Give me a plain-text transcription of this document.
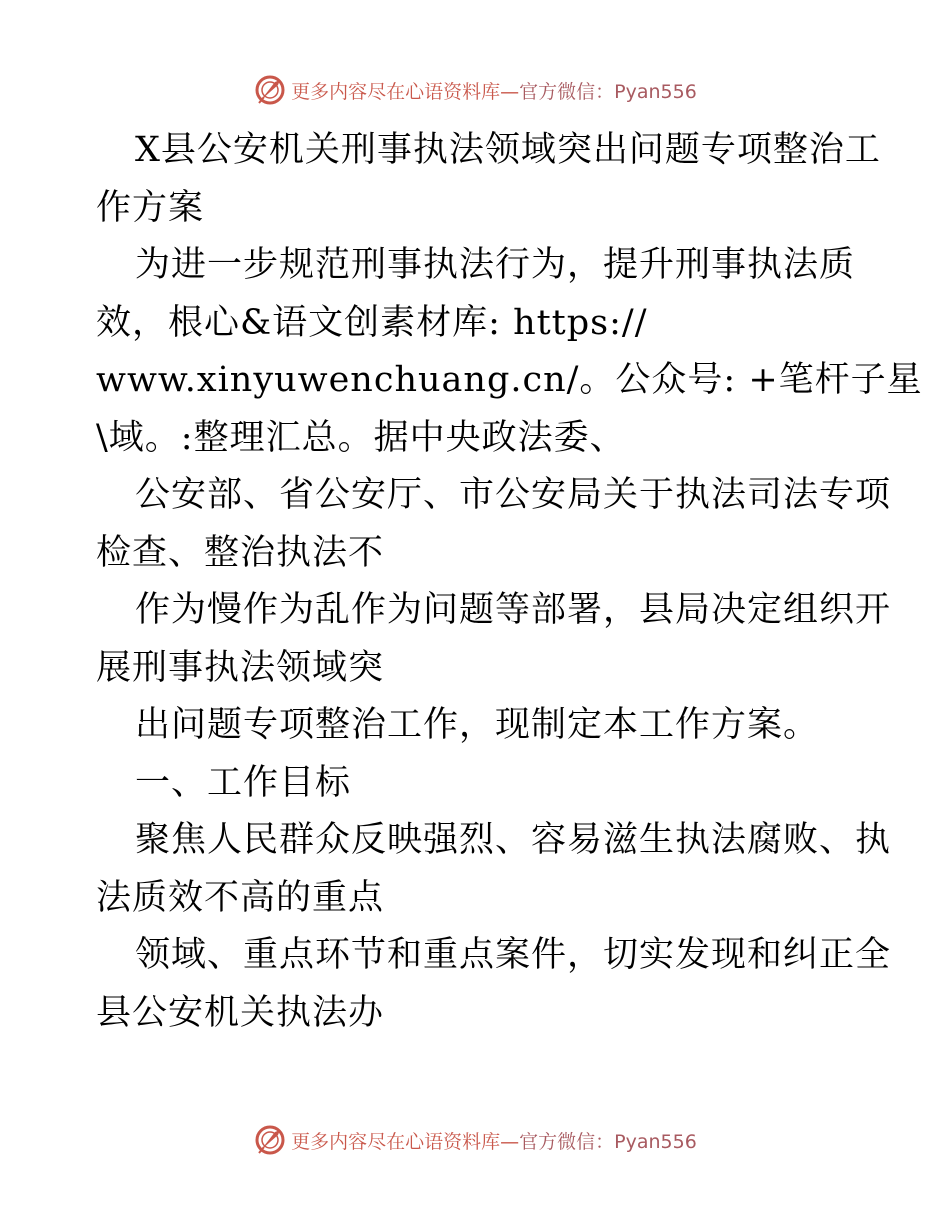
更多内容尽在心语资料库—官方微信：Pyan556
X县公安机关刑事执法领域突出问题专项整治工
作方案
为进一步规范刑事执法行为，提升刑事执法质
效，根心&语文创素材库: https://
www.xinyuwenchuang.cn/。公众号: +笔杆子星
\域。:整理汇总。据中央政法委、
公安部、省公安厅、市公安局关于执法司法专项
检查、整治执法不
作为慢作为乱作为问题等部署，县局决定组织开
展刑事执法领域突
出问题专项整治工作，现制定本工作方案。
一、工作目标
聚焦人民群众反映强烈、容易滋生执法腐败、执
法质效不高的重点
领域、重点环节和重点案件，切实发现和纠正全
县公安机关执法办
更多内容尽在心语资料库—官方微信：Pyan556
